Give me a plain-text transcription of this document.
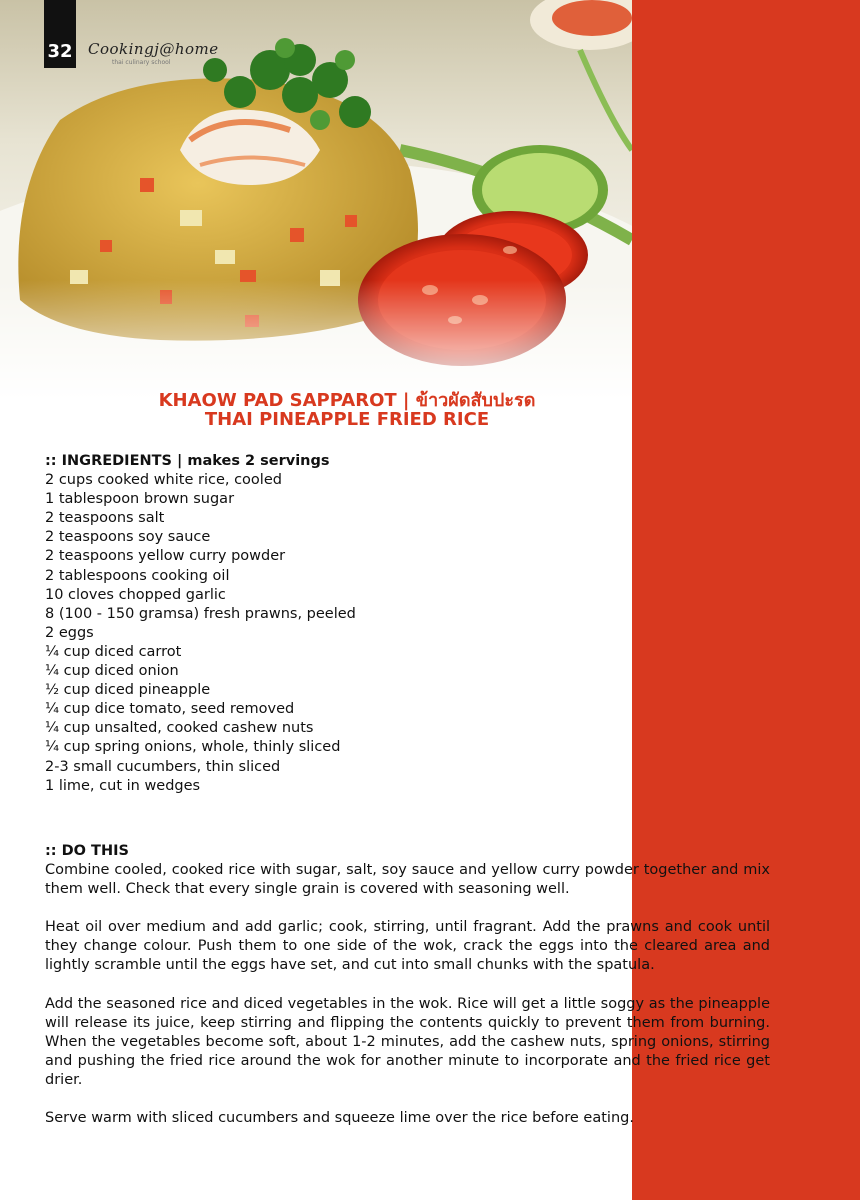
32 Cookingj@home
thai culinary school
KHAOW PAD SAPPAROT | ข้าวผัดสับปะรด
THAI PINEAPPLE FRIED RICE
:: INGREDIENTS | makes 2 servings
2 cups cooked white rice, cooled
1 tablespoon brown sugar
2 teaspoons salt
2 teaspoons soy sauce
2 teaspoons yellow curry powder
2 tablespoons cooking oil
10 cloves chopped garlic
8 (100 - 150 gramsa) fresh prawns, peeled
2 eggs
¼ cup diced carrot
¼ cup diced onion
½ cup diced pineapple
¼ cup dice tomato, seed removed
¼ cup unsalted, cooked cashew nuts
¼ cup spring onions, whole, thinly sliced
2-3 small cucumbers, thin sliced
1 lime, cut in wedges
:: DO THIS

Combine cooled, cooked rice with sugar, salt, soy sauce and yellow curry powder together and mix them well. Check that every single grain is covered with seasoning well.

Heat oil over medium and add garlic; cook, stirring, until fragrant. Add the prawns and cook until they change colour. Push them to one side of the wok, crack the eggs into the cleared area and lightly scramble until the eggs have set, and cut into small chunks with the spatula.

Add the seasoned rice and diced vegetables in the wok. Rice will get a little soggy as the pineapple will release its juice, keep stirring and flipping the contents quickly to prevent them from burning. When the vegetables become soft, about 1-2 minutes, add the cashew nuts, spring onions, stirring and pushing the fried rice around the wok for another minute to incorporate and the fried rice get drier.

Serve warm with sliced cucumbers and squeeze lime over the rice before eating.
